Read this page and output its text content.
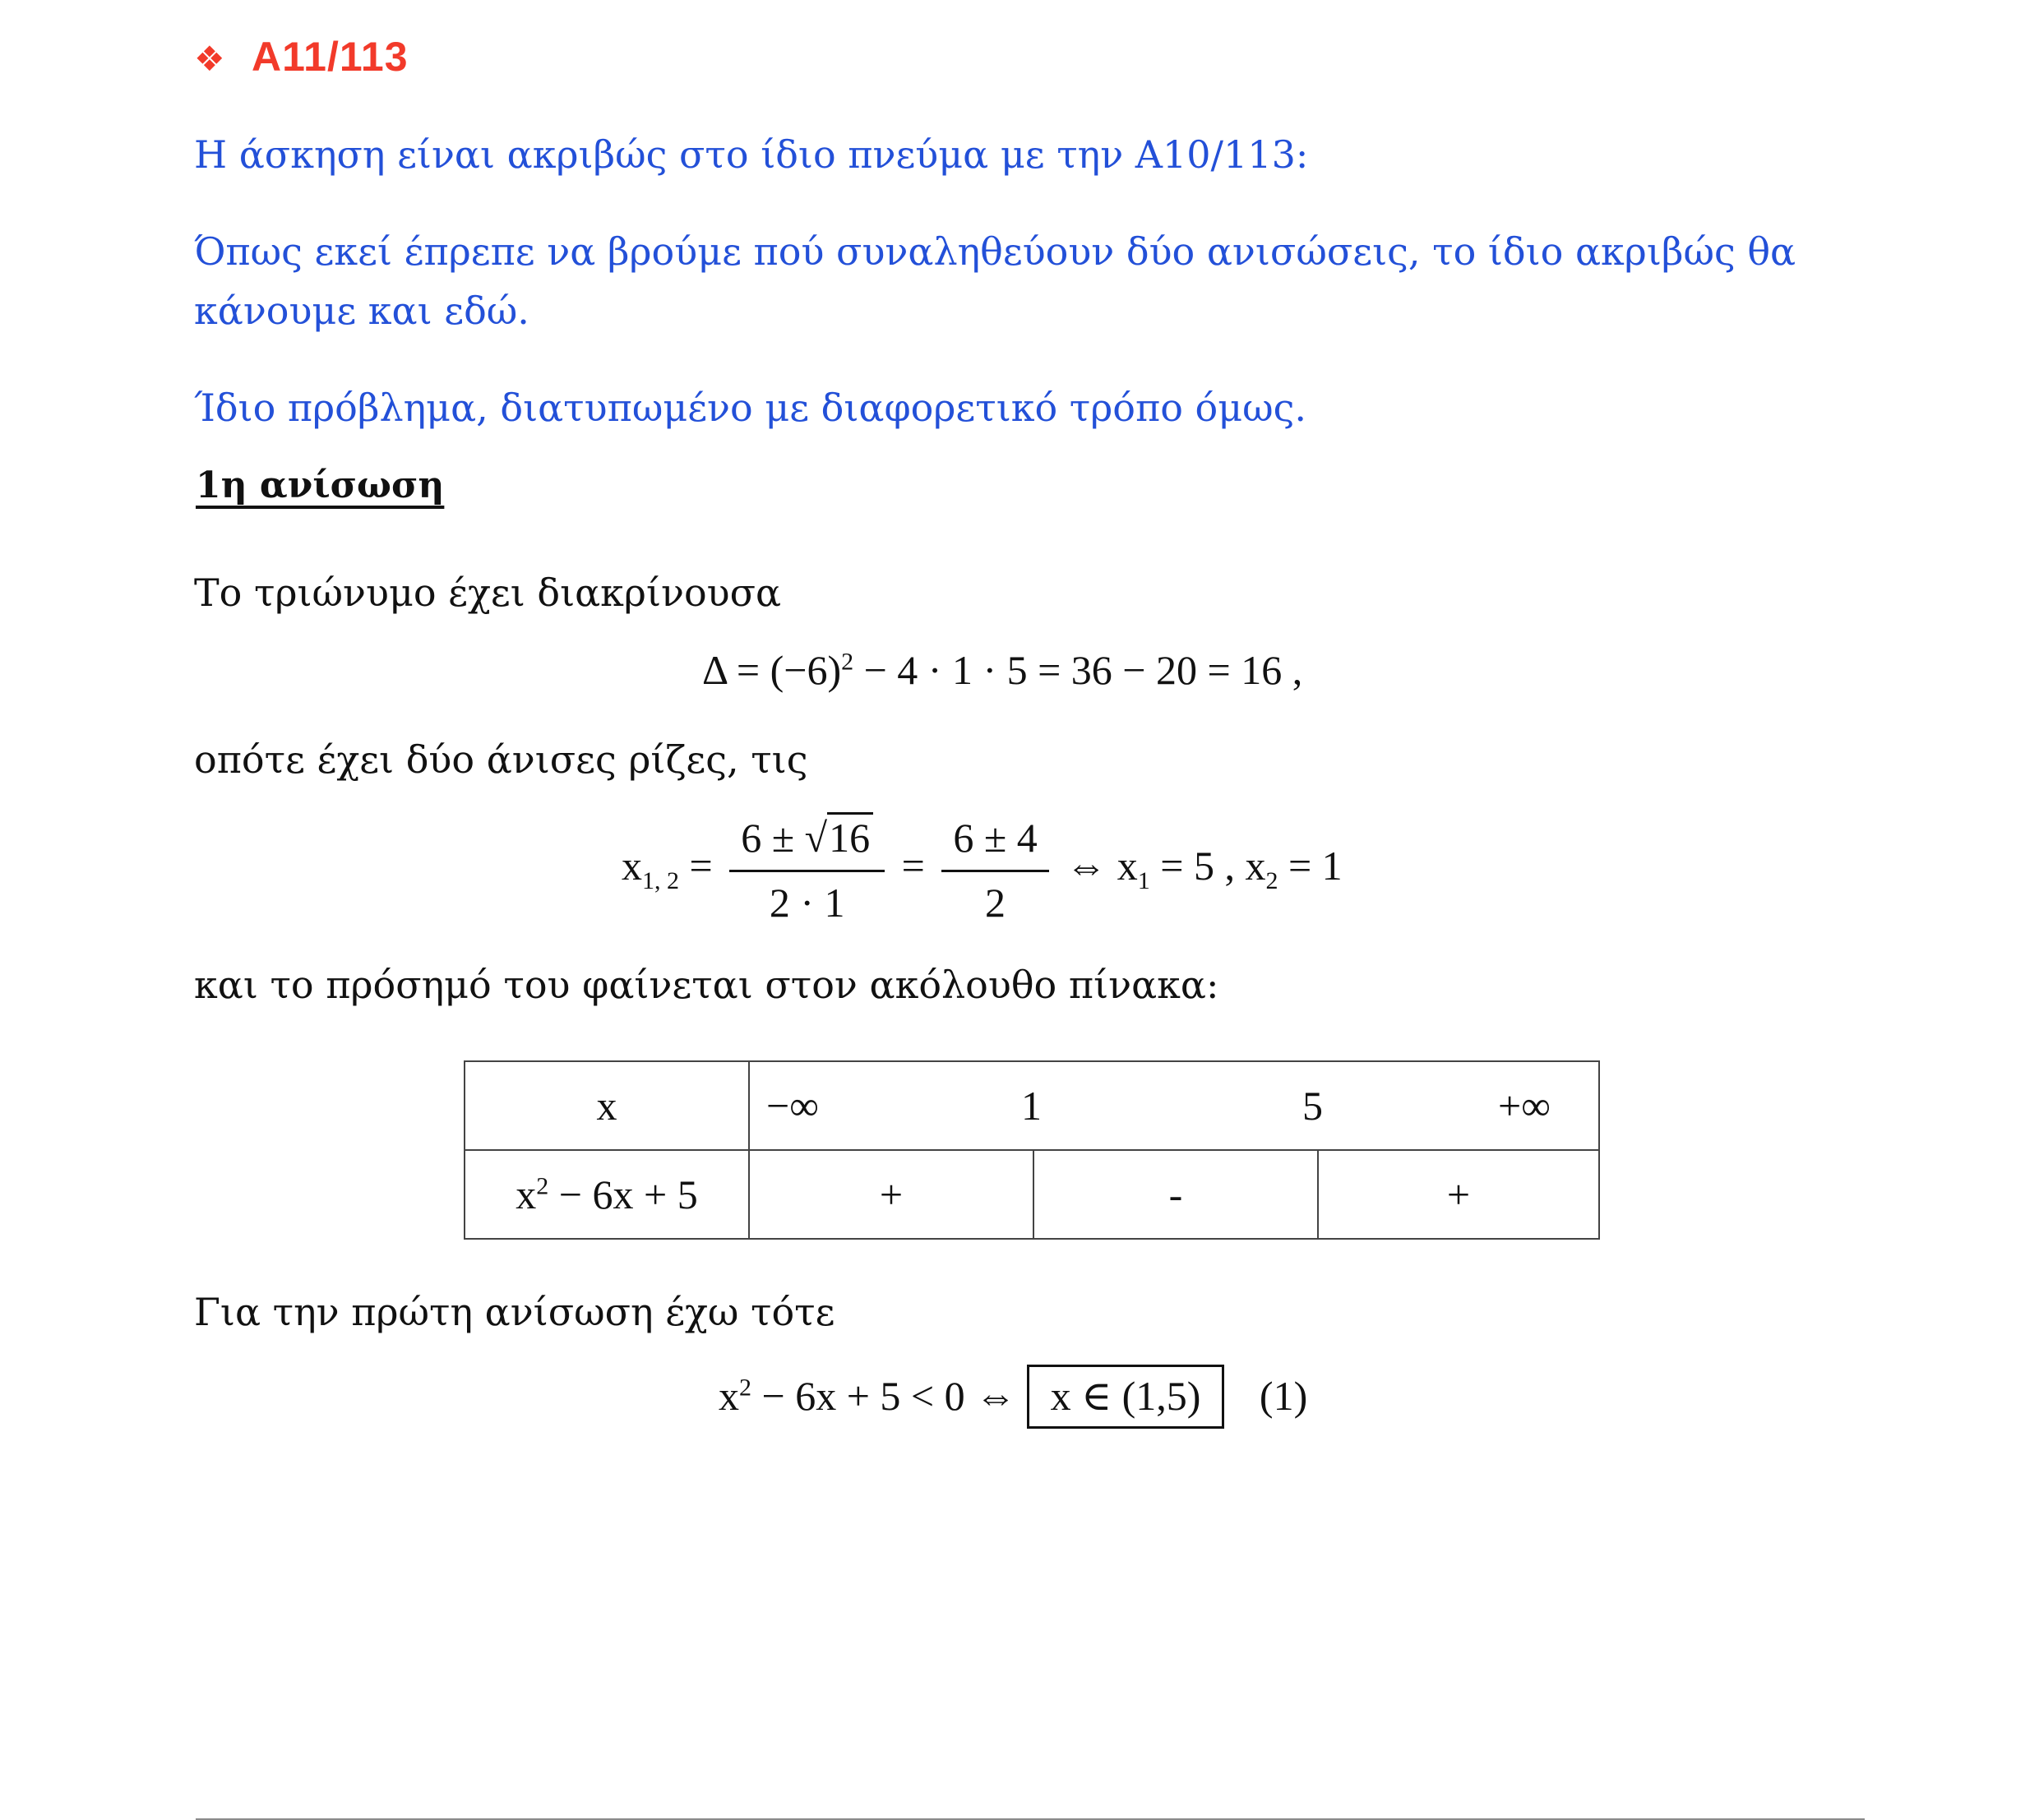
❖ A11/113
Η άσκηση είναι ακριβώς στο ίδιο πνεύμα με την Α10/113:
Όπως εκεί έπρεπε να βρούμε πού συναληθεύουν δύο ανισώσεις, το ίδιο ακριβώς θα
κάνουμε και εδώ.
Ίδιο πρόβλημα, διατυπωμένο με διαφορετικό τρόπο όμως.
1η ανίσωση
Το τριώνυμο έχει διακρίνουσα
$\Delta = (-6)^2 - 4 \cdot 1 \cdot 5 = 36 - 20 = 16$ ,
οπότε έχει δύο άνισες ρίζες, τις
$x_{1, 2} = \frac{6 \pm √16}{2 \cdot 1} = \frac{6 \pm 4}{2}$ ⇔ $x_1 = 5$ , $x_2 = 1$
και το πρόσημό του φαίνεται στον ακόλουθο πίνακα:
x	−∞ 1 5 +∞		

$x^2 - 6x + 5$	+	-	+
Για την πρώτη ανίσωση έχω τότε
$x^2 - 6x + 5 < 0$ ⇔ x ∈ (1,5) (1)
